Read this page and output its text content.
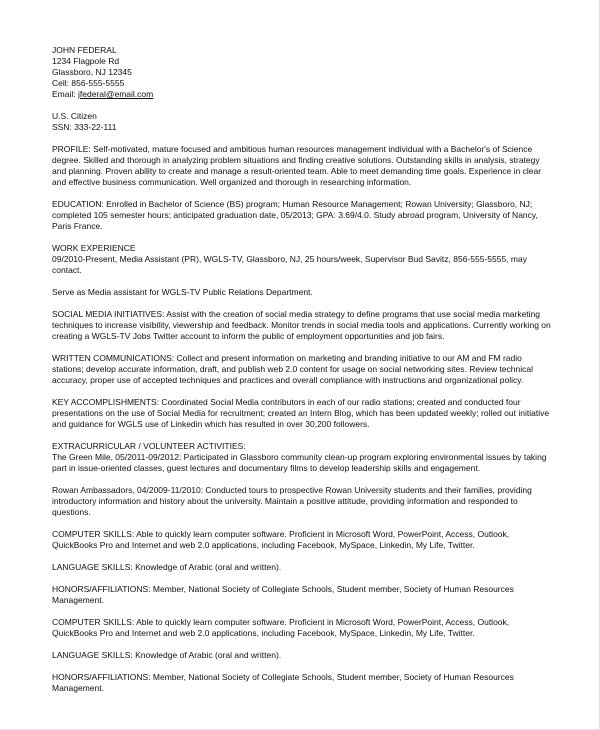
JOHN FEDERAL
1234 Flagpole Rd
Glassboro, NJ 12345
Cell: 856-555-5555
Email: jfederal@email.com
U.S. Citizen
SSN: 333-22-111
PROFILE: Self-motivated, mature focused and ambitious human resources management individual with a Bachelor's of Science degree. Skilled and thorough in analyzing problem situations and finding creative solutions. Outstanding skills in analysis, strategy and planning. Proven ability to create and manage a result-oriented team. Able to meet demanding time goals. Experience in clear and effective business communication. Well organized and thorough in researching information.
EDUCATION: Enrolled in Bachelor of Science (BS) program; Human Resource Management; Rowan University; Glassboro, NJ; completed 105 semester hours; anticipated graduation date, 05/2013; GPA: 3.69/4.0. Study abroad program, University of Nancy, Paris France.
WORK EXPERIENCE
09/2010-Present, Media Assistant (PR), WGLS-TV, Glassboro, NJ, 25 hours/week, Supervisor Bud Savitz, 856-555-5555, may contact.
Serve as Media assistant for WGLS-TV Public Relations Department.
SOCIAL MEDIA INITIATIVES: Assist with the creation of social media strategy to define programs that use social media marketing techniques to increase visibility, viewership and feedback. Monitor trends in social media tools and applications. Currently working on creating a WGLS-TV Jobs Twitter account to inform the public of employment opportunities and job fairs.
WRITTEN COMMUNICATIONS: Collect and present information on marketing and branding initiative to our AM and FM radio stations; develop accurate information, draft, and publish web 2.0 content for usage on social networking sites. Review technical accuracy, proper use of accepted techniques and practices and overall compliance with instructions and organizational policy.
KEY ACCOMPLISHMENTS: Coordinated Social Media contributors in each of our radio stations; created and conducted four presentations on the use of Social Media for recruitment; created an Intern Blog, which has been updated weekly; rolled out initiative and guidance for WGLS use of Linkedin which has resulted in over 30,200 followers.
EXTRACURRICULAR / VOLUNTEER ACTIVITIES:
The Green Mile, 05/2011-09/2012: Participated in Glassboro community clean-up program exploring environmental issues by taking part in issue-oriented classes, guest lectures and documentary films to develop leadership skills and engagement.
Rowan Ambassadors, 04/2009-11/2010: Conducted tours to prospective Rowan University students and their families, providing introductory information and history about the university. Maintain a positive attitude, providing information and responded to questions.
COMPUTER SKILLS: Able to quickly learn computer software. Proficient in Microsoft Word, PowerPoint, Access, Outlook, QuickBooks Pro and Internet and web 2.0 applications, including Facebook, MySpace, Linkedin, My Life, Twitter.
LANGUAGE SKILLS: Knowledge of Arabic (oral and written).
HONORS/AFFILIATIONS: Member, National Society of Collegiate Schools, Student member, Society of Human Resources Management.
COMPUTER SKILLS: Able to quickly learn computer software. Proficient in Microsoft Word, PowerPoint, Access, Outlook, QuickBooks Pro and Internet and web 2.0 applications, including Facebook, MySpace, Linkedin, My Life, Twitter.
LANGUAGE SKILLS: Knowledge of Arabic (oral and written).
HONORS/AFFILIATIONS: Member, National Society of Collegiate Schools, Student member, Society of Human Resources Management.
